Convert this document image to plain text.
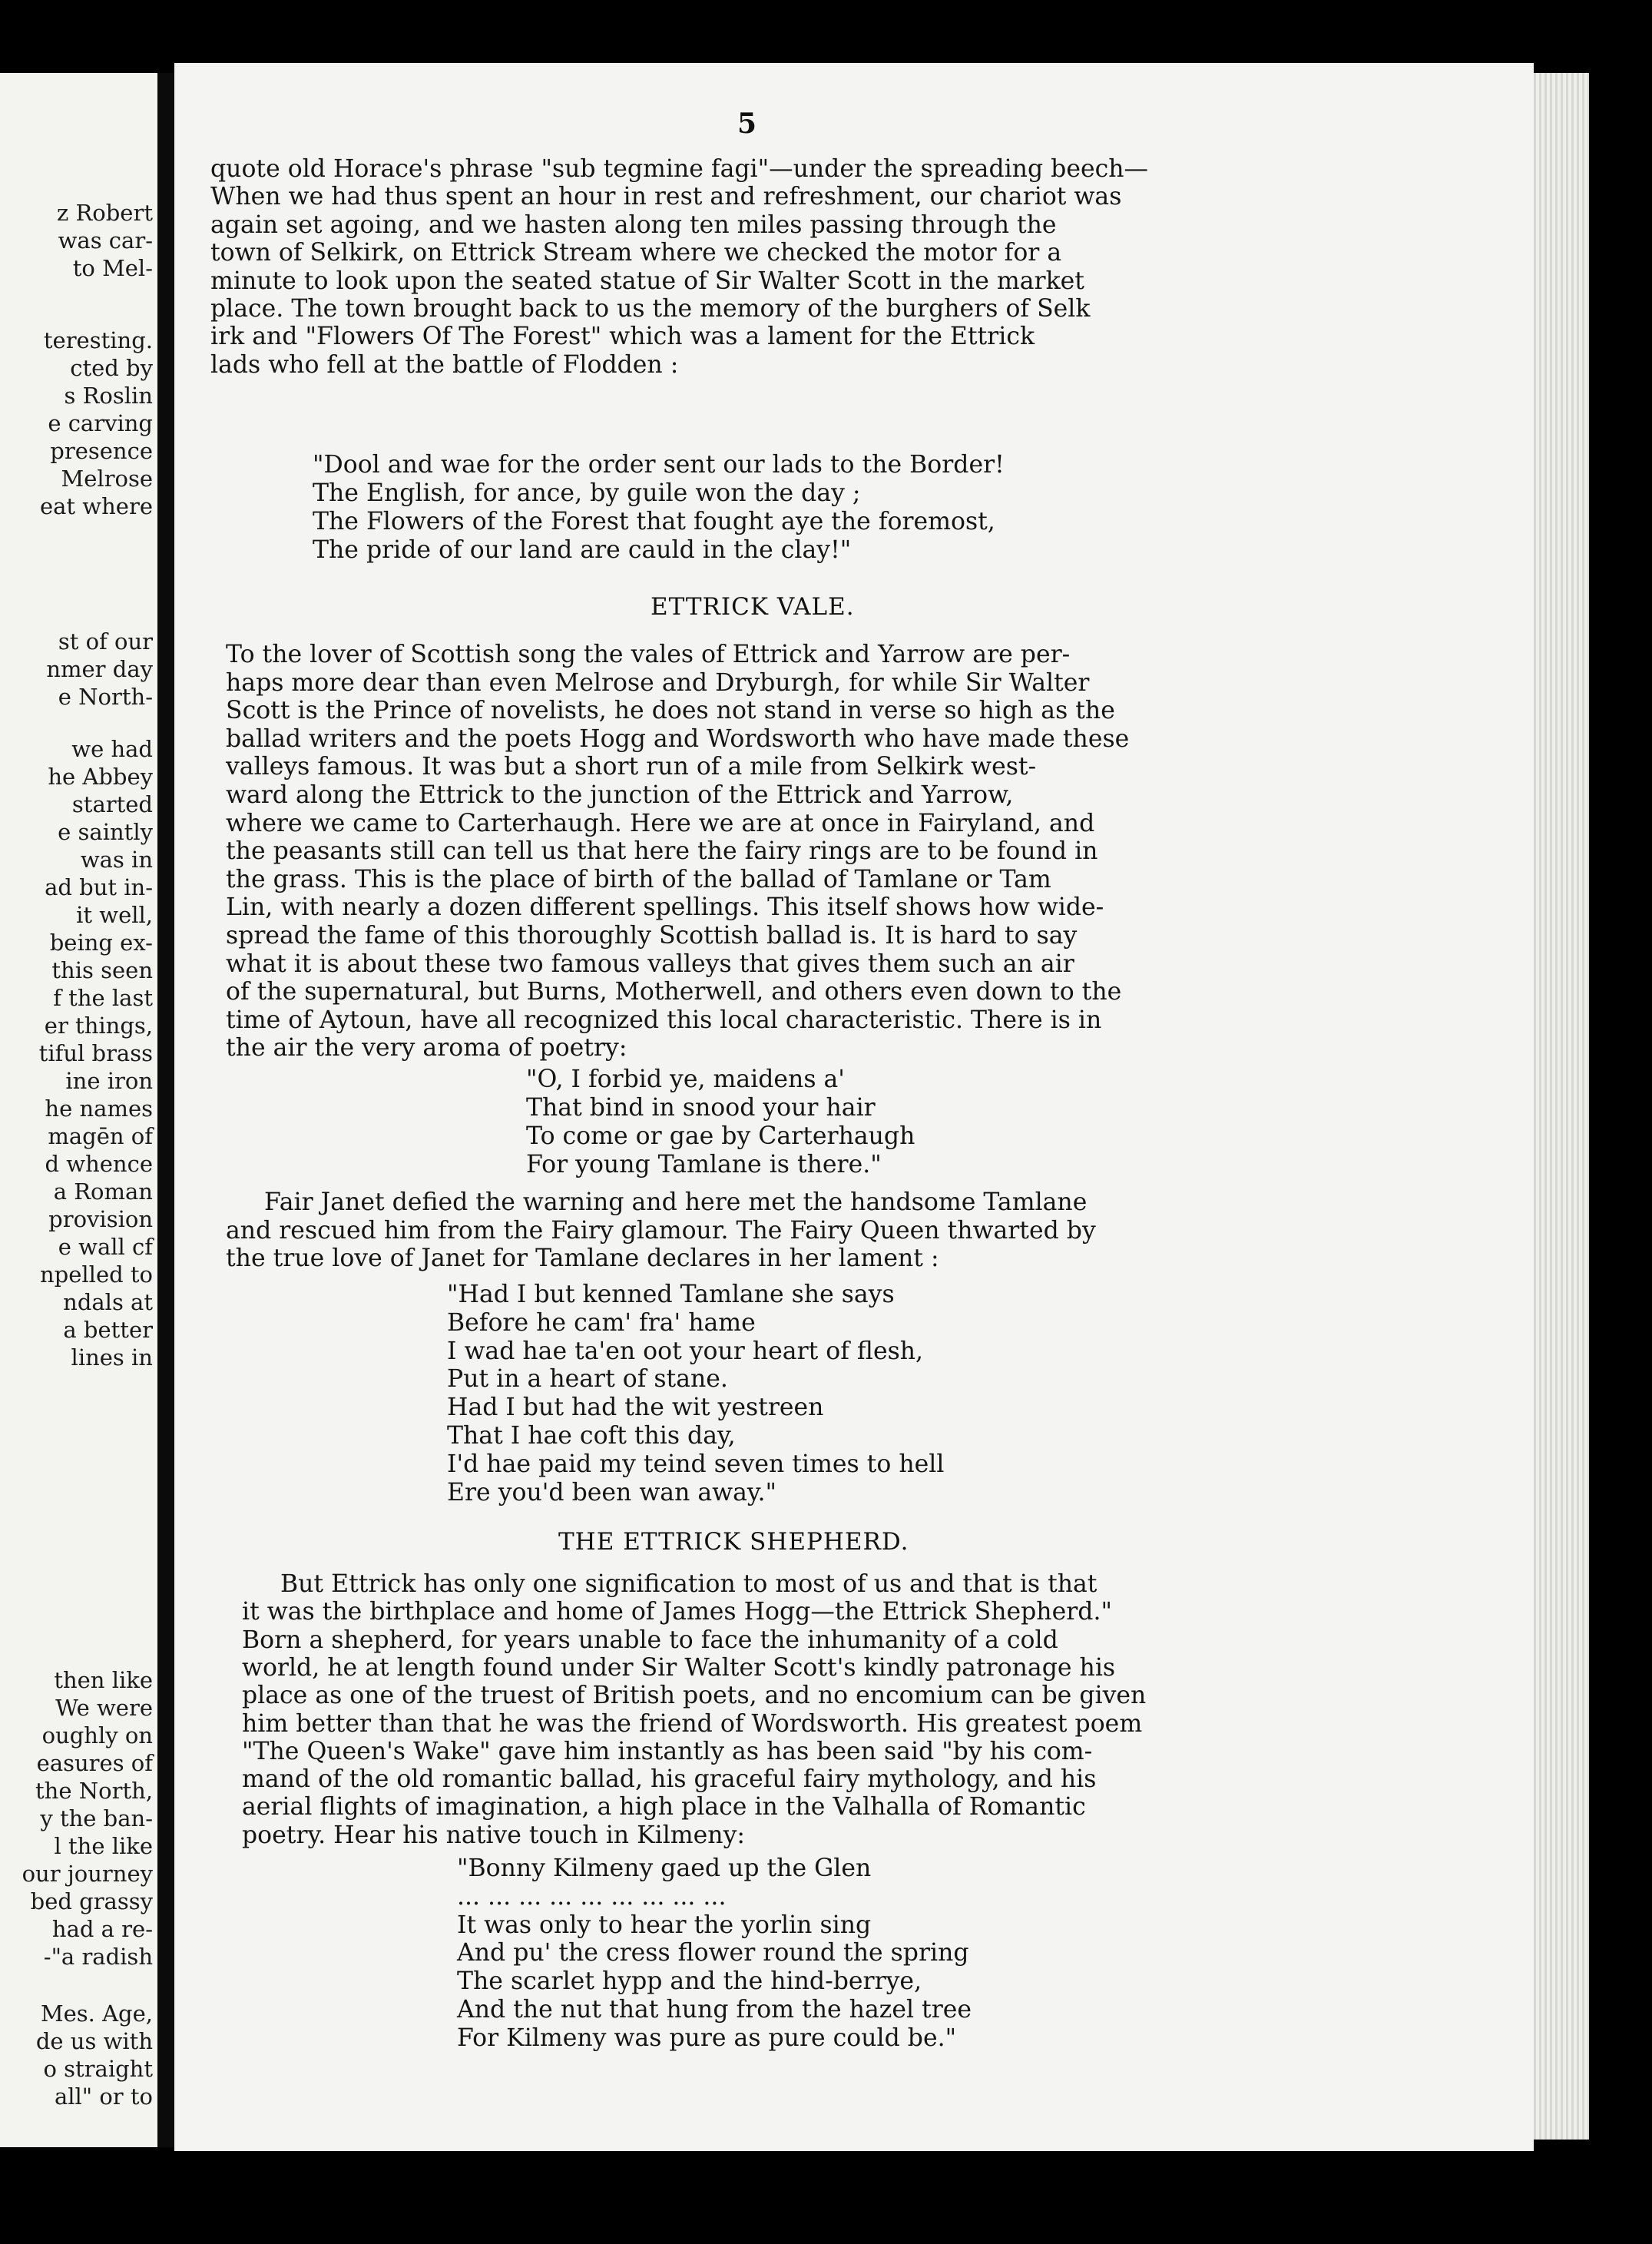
z Robert
was car-
to Mel-
teresting.
cted by
s Roslin
e carving
presence
Melrose
eat where
st of our
nmer day
e North-
we had
he Abbey
started
e saintly
was in
ad but in-
it well,
being ex-
this seen
f the last
er things,
tiful brass
ine iron
he names
magēn of
d whence
a Roman
provision
e wall cf
npelled to
ndals at
a better
lines in
then like
We were
oughly on
easures of
the North,
y the ban-
l the like
our journey
bed grassy
had a re-
-"a radish
Mes. Age,
de us with
o straight
all" or to
5
quote old Horace's phrase "sub tegmine fagi"—under the spreading beech—
When we had thus spent an hour in rest and refreshment, our chariot was
again set agoing, and we hasten along ten miles passing through the
town of Selkirk, on Ettrick Stream where we checked the motor for a
minute to look upon the seated statue of Sir Walter Scott in the market
place. The town brought back to us the memory of the burghers of Selk
irk and "Flowers Of The Forest" which was a lament for the Ettrick
lads who fell at the battle of Flodden :
"Dool and wae for the order sent our lads to the Border!
The English, for ance, by guile won the day ;
The Flowers of the Forest that fought aye the foremost,
The pride of our land are cauld in the clay!"
ETTRICK VALE.
To the lover of Scottish song the vales of Ettrick and Yarrow are per-
haps more dear than even Melrose and Dryburgh, for while Sir Walter
Scott is the Prince of novelists, he does not stand in verse so high as the
ballad writers and the poets Hogg and Wordsworth who have made these
valleys famous. It was but a short run of a mile from Selkirk west-
ward along the Ettrick to the junction of the Ettrick and Yarrow,
where we came to Carterhaugh. Here we are at once in Fairyland, and
the peasants still can tell us that here the fairy rings are to be found in
the grass. This is the place of birth of the ballad of Tamlane or Tam
Lin, with nearly a dozen different spellings. This itself shows how wide-
spread the fame of this thoroughly Scottish ballad is. It is hard to say
what it is about these two famous valleys that gives them such an air
of the supernatural, but Burns, Motherwell, and others even down to the
time of Aytoun, have all recognized this local characteristic. There is in
the air the very aroma of poetry:
"O, I forbid ye, maidens a'
That bind in snood your hair
To come or gae by Carterhaugh
For young Tamlane is there."
Fair Janet defied the warning and here met the handsome Tamlane
and rescued him from the Fairy glamour. The Fairy Queen thwarted by
the true love of Janet for Tamlane declares in her lament :
"Had I but kenned Tamlane she says
Before he cam' fra' hame
I wad hae ta'en oot your heart of flesh,
Put in a heart of stane.
Had I but had the wit yestreen
That I hae coft this day,
I'd hae paid my teind seven times to hell
Ere you'd been wan away."
THE ETTRICK SHEPHERD.
But Ettrick has only one signification to most of us and that is that
it was the birthplace and home of James Hogg—the Ettrick Shepherd."
Born a shepherd, for years unable to face the inhumanity of a cold
world, he at length found under Sir Walter Scott's kindly patronage his
place as one of the truest of British poets, and no encomium can be given
him better than that he was the friend of Wordsworth. His greatest poem
"The Queen's Wake" gave him instantly as has been said "by his com-
mand of the old romantic ballad, his graceful fairy mythology, and his
aerial flights of imagination, a high place in the Valhalla of Romantic
poetry. Hear his native touch in Kilmeny:
"Bonny Kilmeny gaed up the Glen
... ... ... ... ... ... ... ... ...
It was only to hear the yorlin sing
And pu' the cress flower round the spring
The scarlet hypp and the hind-berrye,
And the nut that hung from the hazel tree
For Kilmeny was pure as pure could be."
